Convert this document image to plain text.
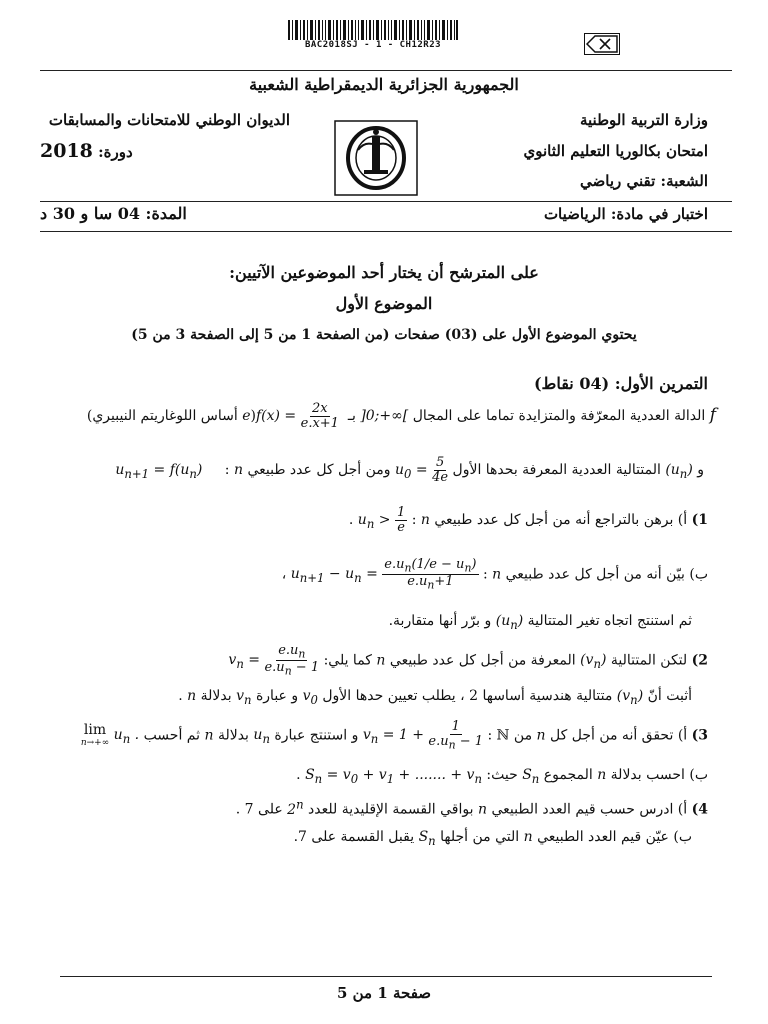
BAC2018SJ - 1 - CH12R23
الجمهورية الجزائرية الديمقراطية الشعبية
وزارة التربية الوطنية
الديوان الوطني للامتحانات والمسابقات
امتحان بكالوريا التعليم الثانوي
دورة: 2018
الشعبة: تقني رياضي
اختبار في مادة: الرياضيات
المدة: 04 سا و 30 د
على المترشح أن يختار أحد الموضوعين الآتيين:
الموضوع الأول
يحتوي الموضوع الأول على (03) صفحات (من الصفحة 1 من 5 إلى الصفحة 3 من 5)
التمرين الأول: (04 نقاط)
f الدالة العددية المعرّفة والمتزايدة تماما على المجال ]0;+∞[ بـ $f(x) = \frac{2x}{e.x+1}$
(e أساس اللوغاريتم النيبيري)
و $(u_n)$ المتتالية العددية المعرفة بحدها الأول $u_0 = \frac{5}{4e}$
ومن أجل كل عدد طبيعي n : $u_{n+1} = f(u_n)$
1) أ) برهن بالتراجع أنه من أجل كل عدد طبيعي n : $u_n > \frac{1}{e}$
.
ب) بيّن أنه من أجل كل عدد طبيعي n : $u_{n+1} - u_n = \frac{e.u_n(1/e - u_n)}{e.u_n+1}$
،
ثم استنتج اتجاه تغير المتتالية $(u_n)$ و برّر أنها متقاربة.
2) لتكن المتتالية $(v_n)$ المعرفة من أجل كل عدد طبيعي n كما يلي: $v_n = \frac{e.u_n}{e.u_n - 1}$
أثبت أنّ $(v_n)$ متتالية هندسية أساسها 2 ، يطلب تعيين حدها الأول $v_0$ و عبارة $v_n$ بدلالة n .
3) أ) تحقق أنه من أجل كل n من ℕ : $v_n = 1 + \frac{1}{e.u_n - 1}$
و استنتج عبارة $u_n$ بدلالة n ثم أحسب
lim
n→+∞ $u_n$ .
ب) احسب بدلالة n المجموع $S_n$ حيث: $S_n = v_0 + v_1$ + ....... + $v_n$ .
4) أ) ادرس حسب قيم العدد الطبيعي n بواقي القسمة الإقليدية للعدد 2$^n$ على 7 .
ب) عيّن قيم العدد الطبيعي n التي من أجلها $S_n$ يقبل القسمة على 7.
صفحة 1 من 5
